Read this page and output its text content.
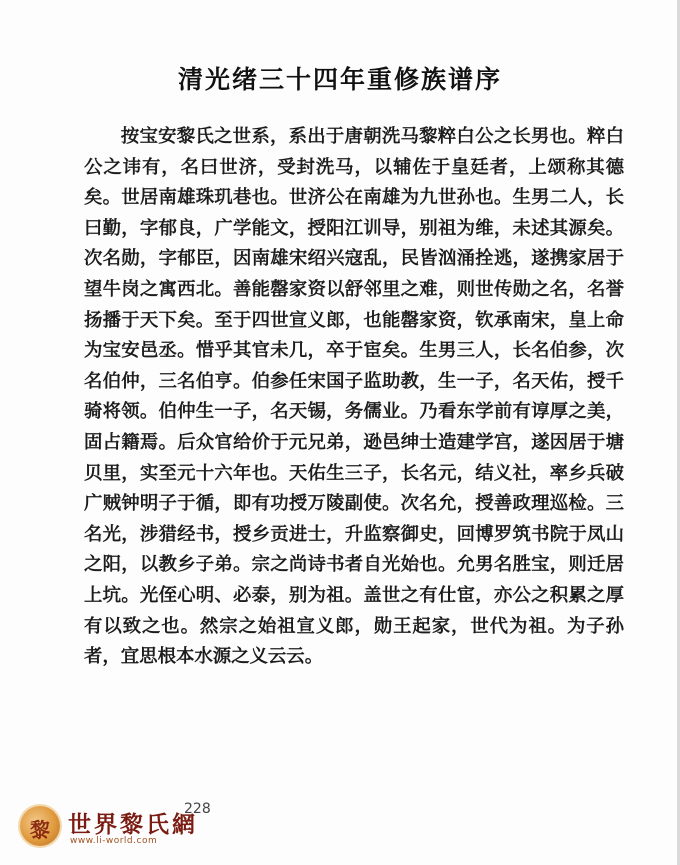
清光绪三十四年重修族谱序
按宝安黎氏之世系，系出于唐朝洗马黎粹白公之长男也。粹白公之讳有，名曰世济，受封洗马，以辅佐于皇廷者，上颂称其德矣。世居南雄珠玑巷也。世济公在南雄为九世孙也。生男二人，长曰勤，字郁良，广学能文，授阳江训导，别祖为维，未述其源矣。次名勋，字郁臣，因南雄宋绍兴寇乱，民皆汹涌拴逃，遂携家居于望牛岗之寓西北。善能罄家资以舒邻里之难，则世传勋之名，名誉扬播于天下矣。至于四世宣义郎，也能罄家资，钦承南宋，皇上命为宝安邑丞。惜乎其官未几，卒于宦矣。生男三人，长名伯参，次名伯仲，三名伯亨。伯参任宋国子监助教，生一子，名天佑，授千骑将领。伯仲生一子，名天锡，务儒业。乃看东学前有谆厚之美，固占籍焉。后众官给价于元兄弟，逊邑绅士造建学宫，遂因居于塘贝里，实至元十六年也。天佑生三子，长名元，结义社，率乡兵破广贼钟明子于循，即有功授万陵副使。次名允，授善政理巡检。三名光，涉猎经书，授乡贡进士，升监察御史，回博罗筑书院于凤山之阳，以教乡子弟。宗之尚诗书者自光始也。允男名胜宝，则迁居上坑。光侄心明、必泰，别为祖。盖世之有仕宦，亦公之积累之厚有以致之也。然宗之始祖宣义郎，勋王起家，世代为祖。为子孙者，宜思根本水源之义云云。
黎 世界黎氏網
228
www.li-world.com
